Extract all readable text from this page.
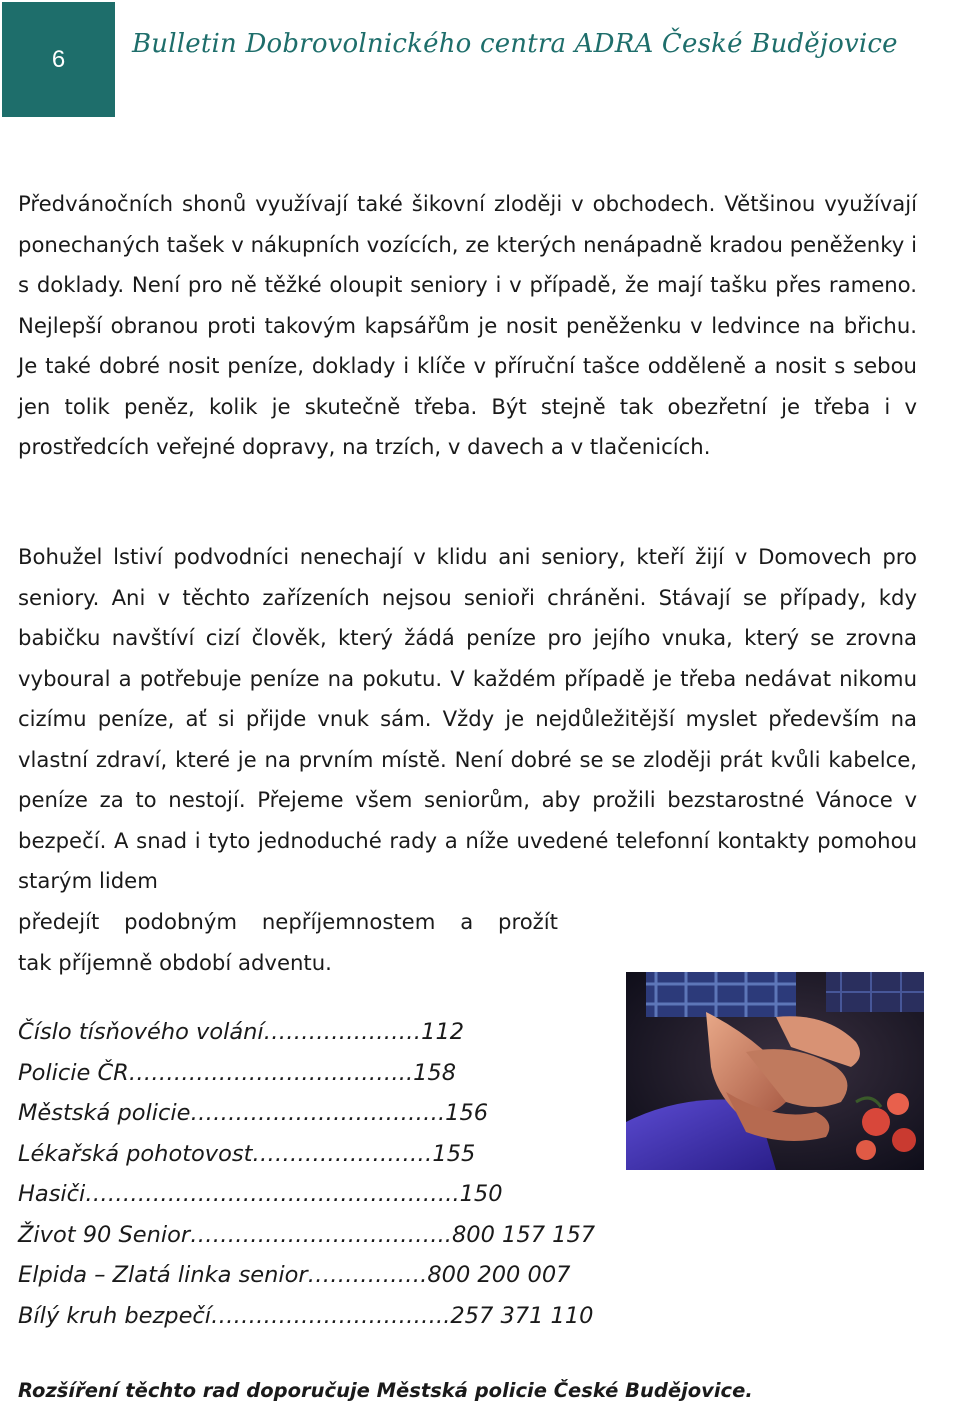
6	Bulletin Dobrovolnického centra ADRA České Budějovice

Předvánočních shonů využívají také šikovní zloději v obchodech. Většinou využívají ponechaných tašek v nákupních vozících, ze kterých nenápadně kradou peněženky i s doklady. Není pro ně těžké oloupit seniory i v případě, že mají tašku přes rameno. Nejlepší obranou proti takovým kapsářům je nosit peněženku v ledvince na břichu. Je také dobré nosit peníze, doklady i klíče v příruční tašce odděleně a nosit s sebou jen tolik peněz, kolik je skutečně třeba. Být stejně tak obezřetní je třeba i v prostředcích veřejné dopravy, na trzích, v davech a v tlačenicích.

Bohužel lstiví podvodníci nenechají v klidu ani seniory, kteří žijí v Domovech pro seniory. Ani v těchto zařízeních nejsou senioři chráněni. Stávají se případy, kdy babičku navštíví cizí člověk, který žádá peníze pro jejího vnuka, který se zrovna vyboural a potřebuje peníze na pokutu. V každém případě je třeba nedávat nikomu cizímu peníze, ať si přijde vnuk sám. Vždy je nejdůležitější myslet především na vlastní zdraví, které je na prvním místě. Není dobré se se zloději prát kvůli kabelce, peníze za to nestojí. Přejeme všem seniorům, aby prožili bezstarostné Vánoce v bezpečí. A snad i tyto jednoduché rady a níže uvedené telefonní kontakty pomohou starým lidem

předejít podobným nepříjemnostem a prožít

tak příjemně období adventu.

Číslo tísňového volání…………………112
Policie ČR………………………………..158
Městská policie…………………………….156
Lékařská pohotovost……………………155
Hasiči…………………………………………..150
Život 90 Senior……………………………..800 157 157
Elpida – Zlatá linka senior…………….800 200 007
Bílý kruh bezpečí…………………………..257 371 110

Rozšíření těchto rad doporučuje Městská policie České Budějovice.
